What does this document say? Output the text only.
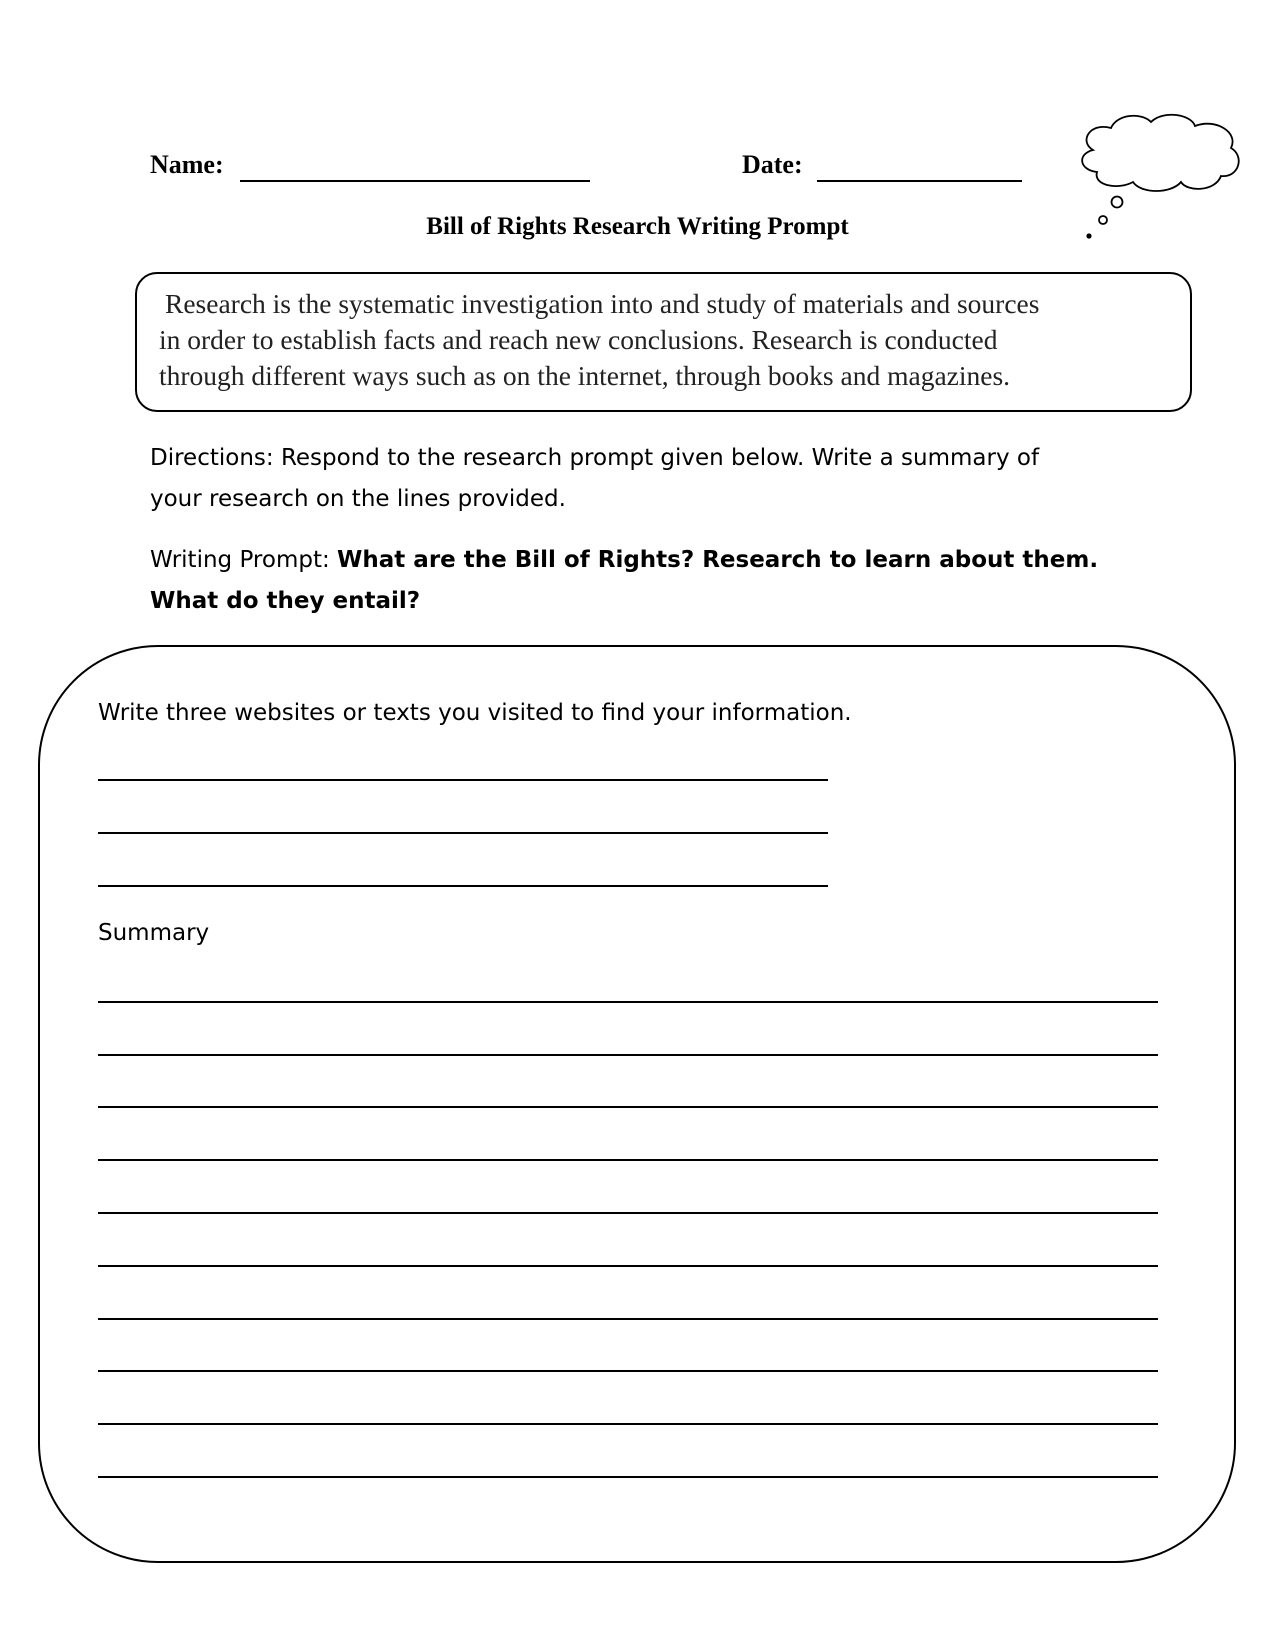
Name:	Date:
Bill of Rights Research Writing Prompt
Research is the systematic investigation into and study of materials and sources
in order to establish facts and reach new conclusions. Research is conducted
through different ways such as on the internet, through books and magazines.
Directions: Respond to the research prompt given below. Write a summary of
your research on the lines provided.
Writing Prompt: What are the Bill of Rights? Research to learn about them.
What do they entail?
Write three websites or texts you visited to find your information.
Summary
